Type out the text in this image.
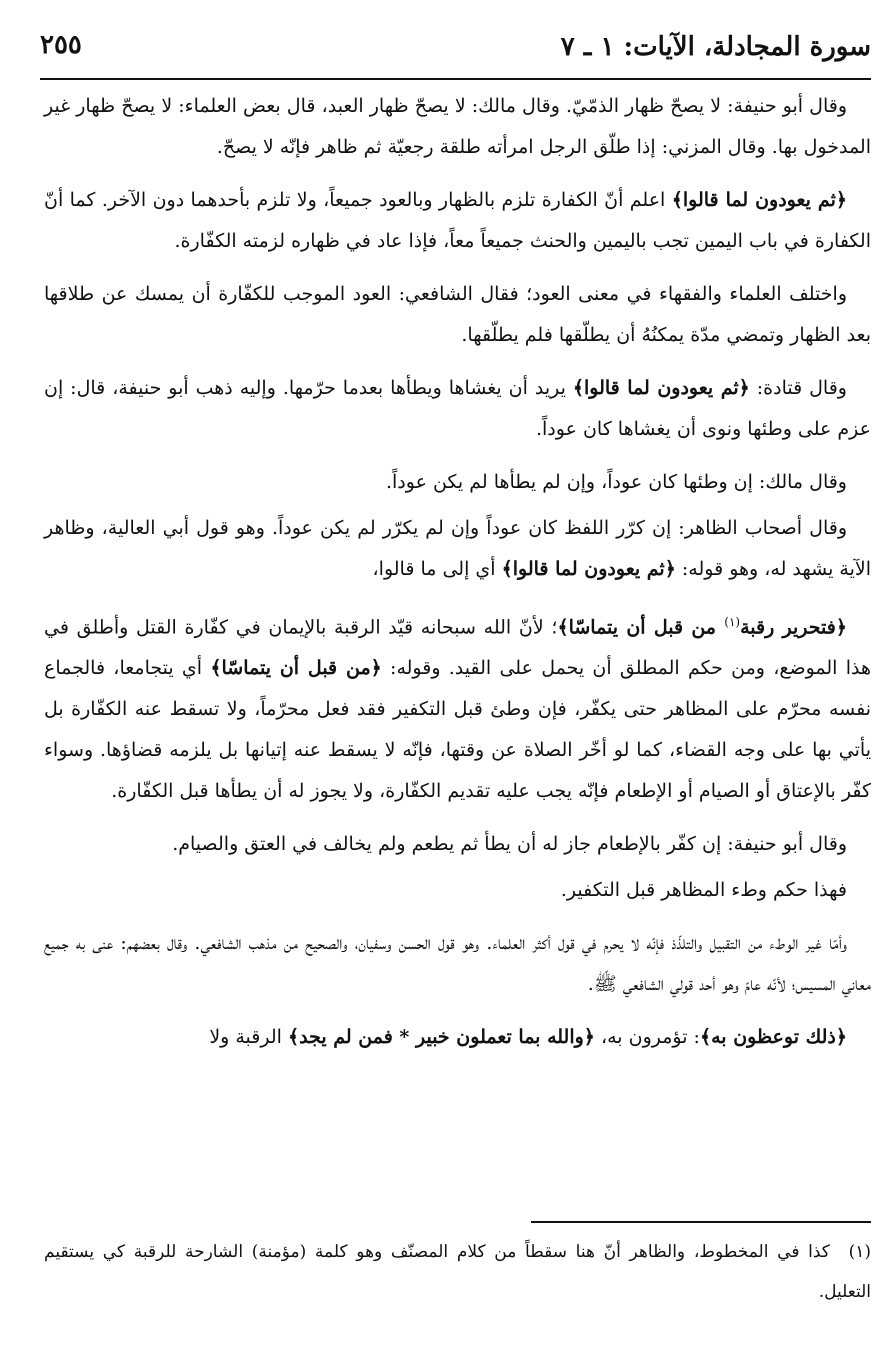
سورة المجادلة، الآيات: ١ ـ ٧
٢٥٥

وقال أبو حنيفة: لا يصحّ ظهار الذمّيّ. وقال مالك: لا يصحّ ظهار العبد، قال بعض العلماء: لا يصحّ ظهار غير المدخول بها. وقال المزني: إذا طلّق الرجل امرأته طلقة رجعيّة ثم ظاهر فإنّه لا يصحّ.

﴿ثم يعودون لما قالوا﴾ اعلم أنّ الكفارة تلزم بالظهار وبالعود جميعاً، ولا تلزم بأحدهما دون الآخر. كما أنّ الكفارة في باب اليمين تجب باليمين والحنث جميعاً معاً، فإذا عاد في ظهاره لزمته الكفّارة.

واختلف العلماء والفقهاء في معنى العود؛ فقال الشافعي: العود الموجب للكفّارة أن يمسك عن طلاقها بعد الظهار وتمضي مدّة يمكنُهُ أن يطلّقها فلم يطلّقها.

وقال قتادة: ﴿ثم يعودون لما قالوا﴾ يريد أن يغشاها ويطأها بعدما حرّمها. وإليه ذهب أبو حنيفة، قال: إن عزم على وطئها ونوى أن يغشاها كان عوداً.

وقال مالك: إن وطئها كان عوداً، وإن لم يطأها لم يكن عوداً.

وقال أصحاب الظاهر: إن كرّر اللفظ كان عوداً وإن لم يكرّر لم يكن عوداً. وهو قول أبي العالية، وظاهر الآية يشهد له، وهو قوله: ﴿ثم يعودون لما قالوا﴾ أي إلى ما قالوا،

﴿فتحرير رقبة$^{(١)}$ من قبل أن يتماسّا﴾؛ لأنّ الله سبحانه قيّد الرقبة بالإيمان في كفّارة القتل وأطلق في هذا الموضع، ومن حكم المطلق أن يحمل على القيد. وقوله: ﴿من قبل أن يتماسّا﴾ أي يتجامعا، فالجماع نفسه محرّم على المظاهر حتى يكفّر، فإن وطئ قبل التكفير فقد فعل محرّماً، ولا تسقط عنه الكفّارة بل يأتي بها على وجه القضاء، كما لو أخّر الصلاة عن وقتها، فإنّه لا يسقط عنه إتيانها بل يلزمه قضاؤها. وسواء كفّر بالإعتاق أو الصيام أو الإطعام فإنّه يجب عليه تقديم الكفّارة، ولا يجوز له أن يطأها قبل الكفّارة.

وقال أبو حنيفة: إن كفّر بالإطعام جاز له أن يطأ ثم يطعم ولم يخالف في العتق والصيام.

فهذا حكم وطء المظاهر قبل التكفير.

وأمّا غير الوطء من التقبيل والتلذّذ فإنّه لا يحرم في قول أكثر العلماء. وهو قول الحسن وسفيان، والصحيح من مذهب الشافعي. وقال بعضهم: عنى به جميع معاني المسيس؛ لأنّه عامّ وهو أحد قولي الشافعي ﷺ.

﴿ذلك توعظون به﴾: تؤمرون به، ﴿والله بما تعملون خبير * فمن لم يجد﴾ الرقبة ولا

(١) كذا في المخطوط، والظاهر أنّ هنا سقطاً من كلام المصنّف وهو كلمة (مؤمنة) الشارحة للرقبة كي يستقيم التعليل.
